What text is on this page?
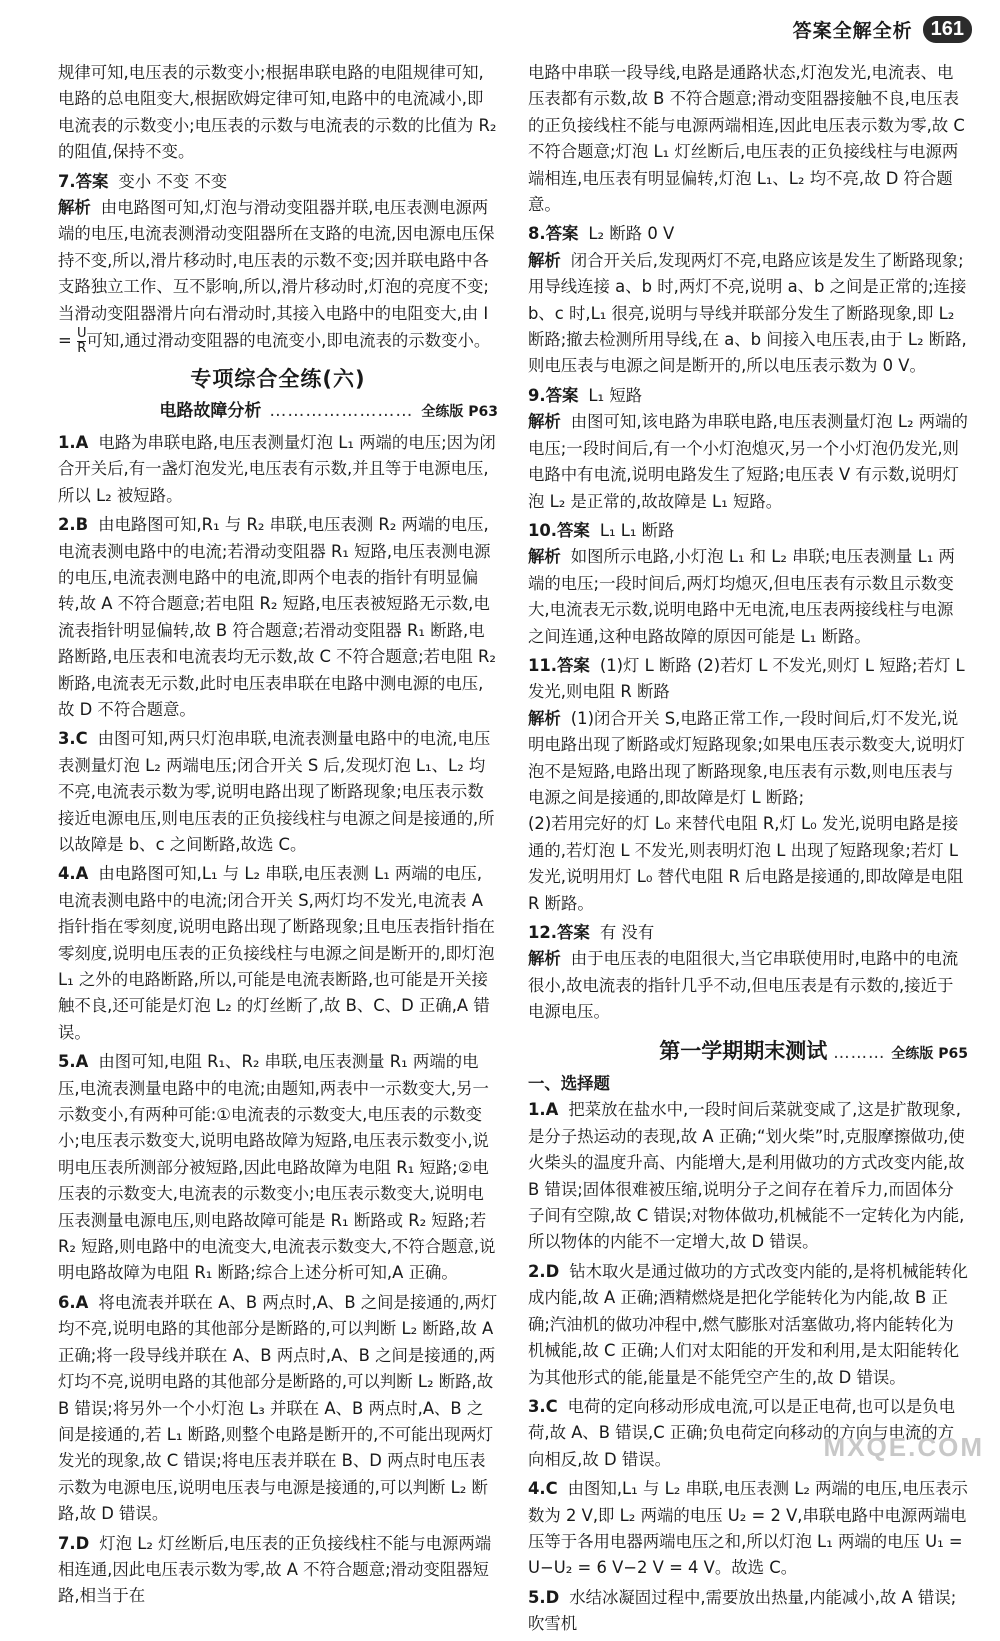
答案全解全析 161
规律可知,电压表的示数变小;根据串联电路的电阻规律可知,电路的总电阻变大,根据欧姆定律可知,电路中的电流减小,即电流表的示数变小;电压表的示数与电流表的示数的比值为 R₂ 的阻值,保持不变。
7.答案 变小 不变 不变
解析 由电路图可知,灯泡与滑动变阻器并联,电压表测电源两端的电压,电流表测滑动变阻器所在支路的电流,因电源电压保持不变,所以,滑片移动时,电压表的示数不变;因并联电路中各支路独立工作、互不影响,所以,滑片移动时,灯泡的亮度不变;当滑动变阻器滑片向右滑动时,其接入电路中的电阻变大,由 $I = \frac{U}{R}$ 可知,通过滑动变阻器的电流变小,即电流表的示数变小。
专项综合全练(六)
电路故障分析 …………………… 全练版 P63
1.A 电路为串联电路,电压表测量灯泡 L₁ 两端的电压;因为闭合开关后,有一盏灯泡发光,电压表有示数,并且等于电源电压,所以 L₂ 被短路。
2.B 由电路图可知,R₁ 与 R₂ 串联,电压表测 R₂ 两端的电压,电流表测电路中的电流;若滑动变阻器 R₁ 短路,电压表测电源的电压,电流表测电路中的电流,即两个电表的指针有明显偏转,故 A 不符合题意;若电阻 R₂ 短路,电压表被短路无示数,电流表指针明显偏转,故 B 符合题意;若滑动变阻器 R₁ 断路,电路断路,电压表和电流表均无示数,故 C 不符合题意;若电阻 R₂ 断路,电流表无示数,此时电压表串联在电路中测电源的电压,故 D 不符合题意。
3.C 由图可知,两只灯泡串联,电流表测量电路中的电流,电压表测量灯泡 L₂ 两端电压;闭合开关 S 后,发现灯泡 L₁、L₂ 均不亮,电流表示数为零,说明电路出现了断路现象;电压表示数接近电源电压,则电压表的正负接线柱与电源之间是接通的,所以故障是 b、c 之间断路,故选 C。
4.A 由电路图可知,L₁ 与 L₂ 串联,电压表测 L₁ 两端的电压,电流表测电路中的电流;闭合开关 S,两灯均不发光,电流表 A 指针指在零刻度,说明电路出现了断路现象;且电压表指针指在零刻度,说明电压表的正负接线柱与电源之间是断开的,即灯泡 L₁ 之外的电路断路,所以,可能是电流表断路,也可能是开关接触不良,还可能是灯泡 L₂ 的灯丝断了,故 B、C、D 正确,A 错误。
5.A 由图可知,电阻 R₁、R₂ 串联,电压表测量 R₁ 两端的电压,电流表测量电路中的电流;由题知,两表中一示数变大,另一示数变小,有两种可能:①电流表的示数变大,电压表的示数变小;电压表示数变大,说明电路故障为短路,电压表示数变小,说明电压表所测部分被短路,因此电路故障为电阻 R₁ 短路;②电压表的示数变大,电流表的示数变小;电压表示数变大,说明电压表测量电源电压,则电路故障可能是 R₁ 断路或 R₂ 短路;若 R₂ 短路,则电路中的电流变大,电流表示数变大,不符合题意,说明电路故障为电阻 R₁ 断路;综合上述分析可知,A 正确。
6.A 将电流表并联在 A、B 两点时,A、B 之间是接通的,两灯均不亮,说明电路的其他部分是断路的,可以判断 L₂ 断路,故 A 正确;将一段导线并联在 A、B 两点时,A、B 之间是接通的,两灯均不亮,说明电路的其他部分是断路的,可以判断 L₂ 断路,故 B 错误;将另外一个小灯泡 L₃ 并联在 A、B 两点时,A、B 之间是接通的,若 L₁ 断路,则整个电路是断开的,不可能出现两灯发光的现象,故 C 错误;将电压表并联在 B、D 两点时电压表示数为电源电压,说明电压表与电源是接通的,可以判断 L₂ 断路,故 D 错误。
7.D 灯泡 L₂ 灯丝断后,电压表的正负接线柱不能与电源两端相连通,因此电压表示数为零,故 A 不符合题意;滑动变阻器短路,相当于在
电路中串联一段导线,电路是通路状态,灯泡发光,电流表、电压表都有示数,故 B 不符合题意;滑动变阻器接触不良,电压表的正负接线柱不能与电源两端相连,因此电压表示数为零,故 C 不符合题意;灯泡 L₁ 灯丝断后,电压表的正负接线柱与电源两端相连,电压表有明显偏转,灯泡 L₁、L₂ 均不亮,故 D 符合题意。
8.答案 L₂ 断路 0 V
解析 闭合开关后,发现两灯不亮,电路应该是发生了断路现象;用导线连接 a、b 时,两灯不亮,说明 a、b 之间是正常的;连接 b、c 时,L₁ 很亮,说明与导线并联部分发生了断路现象,即 L₂ 断路;撤去检测所用导线,在 a、b 间接入电压表,由于 L₂ 断路,则电压表与电源之间是断开的,所以电压表示数为 0 V。
9.答案 L₁ 短路
解析 由图可知,该电路为串联电路,电压表测量灯泡 L₂ 两端的电压;一段时间后,有一个小灯泡熄灭,另一个小灯泡仍发光,则电路中有电流,说明电路发生了短路;电压表 V 有示数,说明灯泡 L₂ 是正常的,故故障是 L₁ 短路。
10.答案 L₁ L₁ 断路
解析 如图所示电路,小灯泡 L₁ 和 L₂ 串联;电压表测量 L₁ 两端的电压;一段时间后,两灯均熄灭,但电压表有示数且示数变大,电流表无示数,说明电路中无电流,电压表两接线柱与电源之间连通,这种电路故障的原因可能是 L₁ 断路。
11.答案 (1)灯 L 断路 (2)若灯 L 不发光,则灯 L 短路;若灯 L 发光,则电阻 R 断路
解析 (1)闭合开关 S,电路正常工作,一段时间后,灯不发光,说明电路出现了断路或灯短路现象;如果电压表示数变大,说明灯泡不是短路,电路出现了断路现象,电压表有示数,则电压表与电源之间是接通的,即故障是灯 L 断路;
(2)若用完好的灯 L₀ 来替代电阻 R,灯 L₀ 发光,说明电路是接通的,若灯泡 L 不发光,则表明灯泡 L 出现了短路现象;若灯 L 发光,说明用灯 L₀ 替代电阻 R 后电路是接通的,即故障是电阻 R 断路。
12.答案 有 没有
解析 由于电压表的电阻很大,当它串联使用时,电路中的电流很小,故电流表的指针几乎不动,但电压表是有示数的,接近于电源电压。
第一学期期末测试 ……… 全练版 P65
一、选择题
1.A 把菜放在盐水中,一段时间后菜就变咸了,这是扩散现象,是分子热运动的表现,故 A 正确;“划火柴”时,克服摩擦做功,使火柴头的温度升高、内能增大,是利用做功的方式改变内能,故 B 错误;固体很难被压缩,说明分子之间存在着斥力,而固体分子间有空隙,故 C 错误;对物体做功,机械能不一定转化为内能,所以物体的内能不一定增大,故 D 错误。
2.D 钻木取火是通过做功的方式改变内能的,是将机械能转化成内能,故 A 正确;酒精燃烧是把化学能转化为内能,故 B 正确;汽油机的做功冲程中,燃气膨胀对活塞做功,将内能转化为机械能,故 C 正确;人们对太阳能的开发和利用,是太阳能转化为其他形式的能,能量是不能凭空产生的,故 D 错误。
3.C 电荷的定向移动形成电流,可以是正电荷,也可以是负电荷,故 A、B 错误,C 正确;负电荷定向移动的方向与电流的方向相反,故 D 错误。
4.C 由图知,L₁ 与 L₂ 串联,电压表测 L₂ 两端的电压,电压表示数为 2 V,即 L₂ 两端的电压 U₂ = 2 V,串联电路中电源两端电压等于各用电器两端电压之和,所以灯泡 L₁ 两端的电压 U₁ = U−U₂ = 6 V−2 V = 4 V。故选 C。
5.D 水结冰凝固过程中,需要放出热量,内能减小,故 A 错误;吹雪机
MXQE.COM
